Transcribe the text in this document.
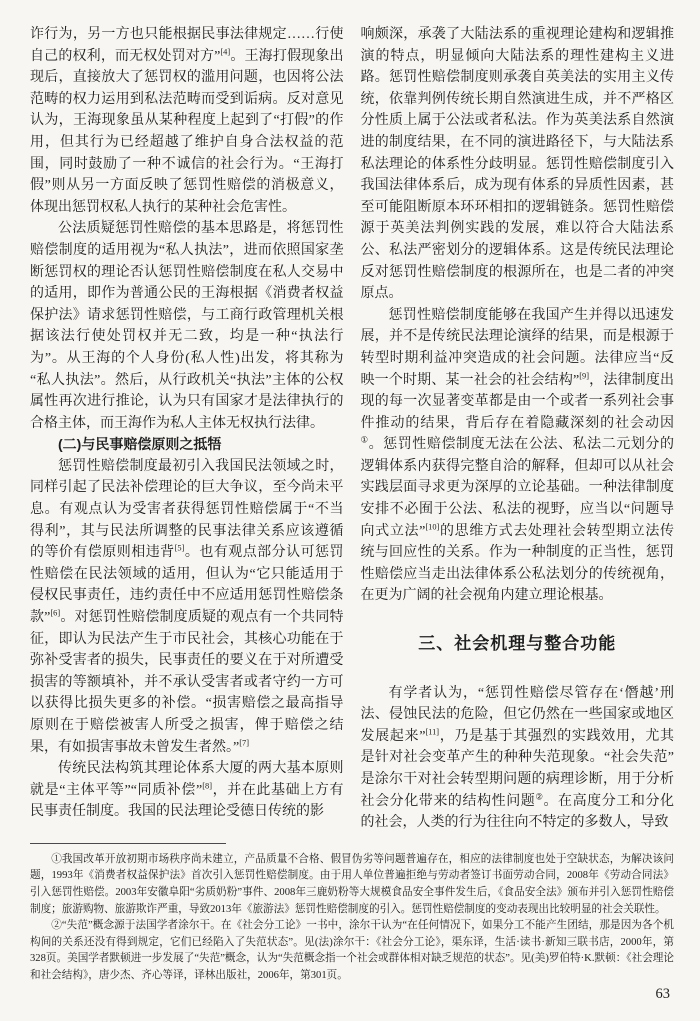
诈行为，另一方也只能根据民事法律规定……行使自己的权利，而无权处罚对方”[4]。王海打假现象出现后，直接放大了惩罚权的滥用问题，也因将公法范畴的权力运用到私法范畴而受到诟病。反对意见认为，王海现象虽从某种程度上起到了“打假”的作用，但其行为已经超越了维护自身合法权益的范围，同时鼓励了一种不诚信的社会行为。“王海打假”则从另一方面反映了惩罚性赔偿的消极意义，体现出惩罚权私人执行的某种社会危害性。

公法质疑惩罚性赔偿的基本思路是，将惩罚性赔偿制度的适用视为“私人执法”，进而依照国家垄断惩罚权的理论否认惩罚性赔偿制度在私人交易中的适用，即作为普通公民的王海根据《消费者权益保护法》请求惩罚性赔偿，与工商行政管理机关根据该法行使处罚权并无二致，均是一种“执法行为”。从王海的个人身份(私人性)出发，将其称为“私人执法”。然后，从行政机关“执法”主体的公权属性再次进行推论，认为只有国家才是法律执行的合格主体，而王海作为私人主体无权执行法律。

(二)与民事赔偿原则之抵牾

惩罚性赔偿制度最初引入我国民法领域之时，同样引起了民法补偿理论的巨大争议，至今尚未平息。有观点认为受害者获得惩罚性赔偿属于“不当得利”，其与民法所调整的民事法律关系应该遵循的等价有偿原则相违背[5]。也有观点部分认可惩罚性赔偿在民法领域的适用，但认为“它只能适用于侵权民事责任，违约责任中不应适用惩罚性赔偿条款”[6]。对惩罚性赔偿制度质疑的观点有一个共同特征，即认为民法产生于市民社会，其核心功能在于弥补受害者的损失，民事责任的要义在于对所遭受损害的等额填补，并不承认受害者或者守约一方可以获得比损失更多的补偿。“损害赔偿之最高指导原则在于赔偿被害人所受之损害，俾于赔偿之结果，有如损害事故未曾发生者然。”[7]

传统民法构筑其理论体系大厦的两大基本原则就是“主体平等”“同质补偿”[8]，并在此基础上方有民事责任制度。我国的民法理论受德日传统的影

响颇深，承袭了大陆法系的重视理论建构和逻辑推演的特点，明显倾向大陆法系的理性建构主义进路。惩罚性赔偿制度则承袭自英美法的实用主义传统，依靠判例传统长期自然演进生成，并不严格区分性质上属于公法或者私法。作为英美法系自然演进的制度结果，在不同的演进路径下，与大陆法系私法理论的体系性分歧明显。惩罚性赔偿制度引入我国法律体系后，成为现有体系的异质性因素，甚至可能阻断原本环环相扣的逻辑链条。惩罚性赔偿源于英美法判例实践的发展，难以符合大陆法系公、私法严密划分的逻辑体系。这是传统民法理论反对惩罚性赔偿制度的根源所在，也是二者的冲突原点。

惩罚性赔偿制度能够在我国产生并得以迅速发展，并不是传统民法理论演绎的结果，而是根源于转型时期利益冲突造成的社会问题。法律应当“反映一个时期、某一社会的社会结构”[9]，法律制度出现的每一次显著变革都是由一个或者一系列社会事件推动的结果，背后存在着隐藏深刻的社会动因①。惩罚性赔偿制度无法在公法、私法二元划分的逻辑体系内获得完整自洽的解释，但却可以从社会实践层面寻求更为深厚的立论基础。一种法律制度安排不必囿于公法、私法的视野，应当以“问题导向式立法”[10]的思维方式去处理社会转型期立法传统与回应性的关系。作为一种制度的正当性，惩罚性赔偿应当走出法律体系公私法划分的传统视角，在更为广阔的社会视角内建立理论根基。

三、社会机理与整合功能

有学者认为，“惩罚性赔偿尽管存在‘僭越’刑法、侵蚀民法的危险，但它仍然在一些国家或地区发展起来”[11]，乃是基于其强烈的实践效用，尤其是针对社会变革产生的种种失范现象。“社会失范”是涂尔干对社会转型期问题的病理诊断，用于分析社会分化带来的结构性问题②。在高度分工和分化的社会，人类的行为往往向不特定的多数人，导致

①我国改革开放初期市场秩序尚未建立，产品质量不合格、假冒伪劣等问题普遍存在，相应的法律制度也处于空缺状态，为解决该问题，1993年《消费者权益保护法》首次引入惩罚性赔偿制度。由于用人单位普遍拒绝与劳动者签订书面劳动合同，2008年《劳动合同法》引入惩罚性赔偿。2003年安徽阜阳“劣质奶粉”事件、2008年三鹿奶粉等大规模食品安全事件发生后，《食品安全法》颁布并引入惩罚性赔偿制度；旅游购物、旅游欺诈严重，导致2013年《旅游法》惩罚性赔偿制度的引入。惩罚性赔偿制度的变动表现出比较明显的社会关联性。

②“失范”概念源于法国学者涂尔干。在《社会分工论》一书中，涂尔干认为“在任何情况下，如果分工不能产生团结，那是因为各个机构间的关系还没有得到规定，它们已经陷入了失范状态”。见(法)涂尔干：《社会分工论》，渠东译，生活·读书·新知三联书店，2000年，第328页。美国学者默顿进一步发展了“失范”概念，认为“失范概念指一个社会或群体相对缺乏规范的状态”。见(美)罗伯特·K.默顿：《社会理论和社会结构》，唐少杰、齐心等译，译林出版社，2006年，第301页。

63
